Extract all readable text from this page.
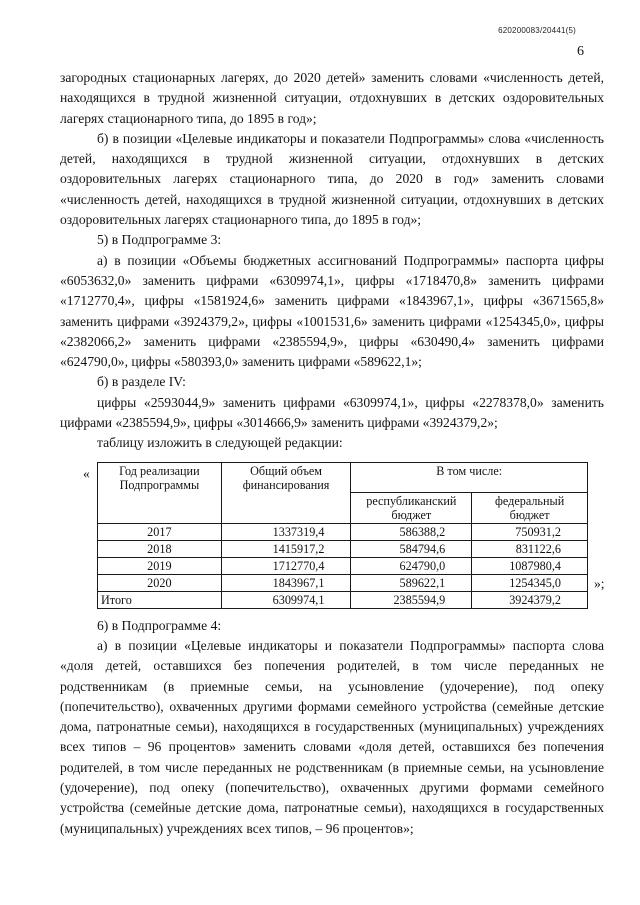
620200083/20441(5)
6

загородных стационарных лагерях, до 2020 детей» заменить словами «численность детей, находящихся в трудной жизненной ситуации, отдохнувших в детских оздоровительных лагерях стационарного типа, до 1895 в год»;

б) в позиции «Целевые индикаторы и показатели Подпрограммы» слова «численность детей, находящихся в трудной жизненной ситуации, отдохнувших в детских оздоровительных лагерях стационарного типа, до 2020 в год» заменить словами «численность детей, находящихся в трудной жизненной ситуации, отдохнувших в детских оздоровительных лагерях стационарного типа, до 1895 в год»;

5) в Подпрограмме 3:

а) в позиции «Объемы бюджетных ассигнований Подпрограммы» паспорта цифры «6053632,0» заменить цифрами «6309974,1», цифры «1718470,8» заменить цифрами «1712770,4», цифры «1581924,6» заменить цифрами «1843967,1», цифры «3671565,8» заменить цифрами «3924379,2», цифры «1001531,6» заменить цифрами «1254345,0», цифры «2382066,2» заменить цифрами «2385594,9», цифры «630490,4» заменить цифрами «624790,0», цифры «580393,0» заменить цифрами «589622,1»;

б) в разделе IV:

цифры «2593044,9» заменить цифрами «6309974,1», цифры «2278378,0» заменить цифрами «2385594,9», цифры «3014666,9» заменить цифрами «3924379,2»;

таблицу изложить в следующей редакции:

« Год реализации Подпрограммы	Общий объем финансирования	В том числе:	
		республиканский бюджет	федеральный бюджет
2017	1337319,4	586388,2	750931,2
2018	1415917,2	584794,6	831122,6
2019	1712770,4	624790,0	1087980,4
2020	1843967,1	589622,1	1254345,0
Итого	6309974,1	2385594,9	3924379,2
»;

6) в Подпрограмме 4:

а) в позиции «Целевые индикаторы и показатели Подпрограммы» паспорта слова «доля детей, оставшихся без попечения родителей, в том числе переданных не родственникам (в приемные семьи, на усыновление (удочерение), под опеку (попечительство), охваченных другими формами семейного устройства (семейные детские дома, патронатные семьи), находящихся в государственных (муниципальных) учреждениях всех типов – 96 процентов» заменить словами «доля детей, оставшихся без попечения родителей, в том числе переданных не родственникам (в приемные семьи, на усыновление (удочерение), под опеку (попечительство), охваченных другими формами семейного устройства (семейные детские дома, патронатные семьи), находящихся в государственных (муниципальных) учреждениях всех типов, – 96 процентов»;
